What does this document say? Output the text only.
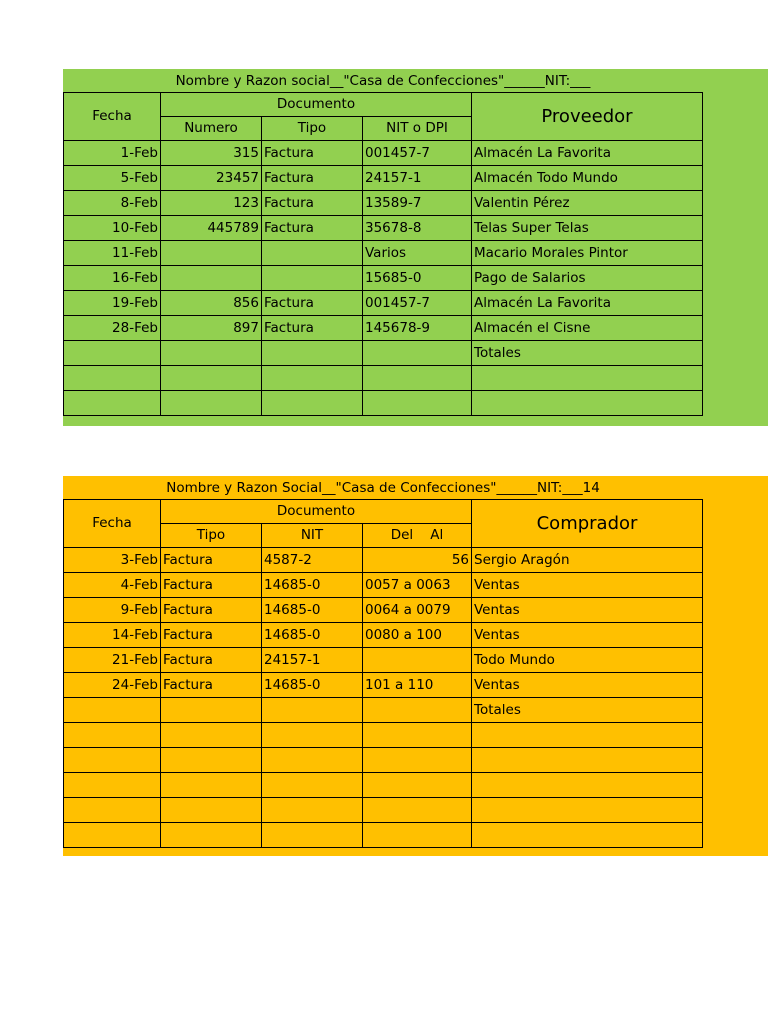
Nombre y Razon social__"Casa de Confecciones"______NIT:___				
Fecha	Documento			Proveedor
	Numero	Tipo	NIT o DPI	
1-Feb	315	Factura	001457-7	Almacén La Favorita
5-Feb	23457	Factura	24157-1	Almacén Todo Mundo
8-Feb	123	Factura	13589-7	Valentin Pérez
10-Feb	445789	Factura	35678-8	Telas Super Telas
11-Feb			Varios	Macario Morales Pintor
16-Feb			15685-0	Pago de Salarios
19-Feb	856	Factura	001457-7	Almacén La Favorita
28-Feb	897	Factura	145678-9	Almacén el Cisne
				Totales

Nombre y Razon Social__"Casa de Confecciones"______NIT:___14				
Fecha	Documento			Comprador
	Tipo	NIT	Del    Al	
3-Feb	Factura	4587-2	56	Sergio Aragón
4-Feb	Factura	14685-0	0057 a 0063	Ventas
9-Feb	Factura	14685-0	0064 a 0079	Ventas
14-Feb	Factura	14685-0	0080 a 100	Ventas
21-Feb	Factura	24157-1		Todo Mundo
24-Feb	Factura	14685-0	101 a 110	Ventas
				Totales
